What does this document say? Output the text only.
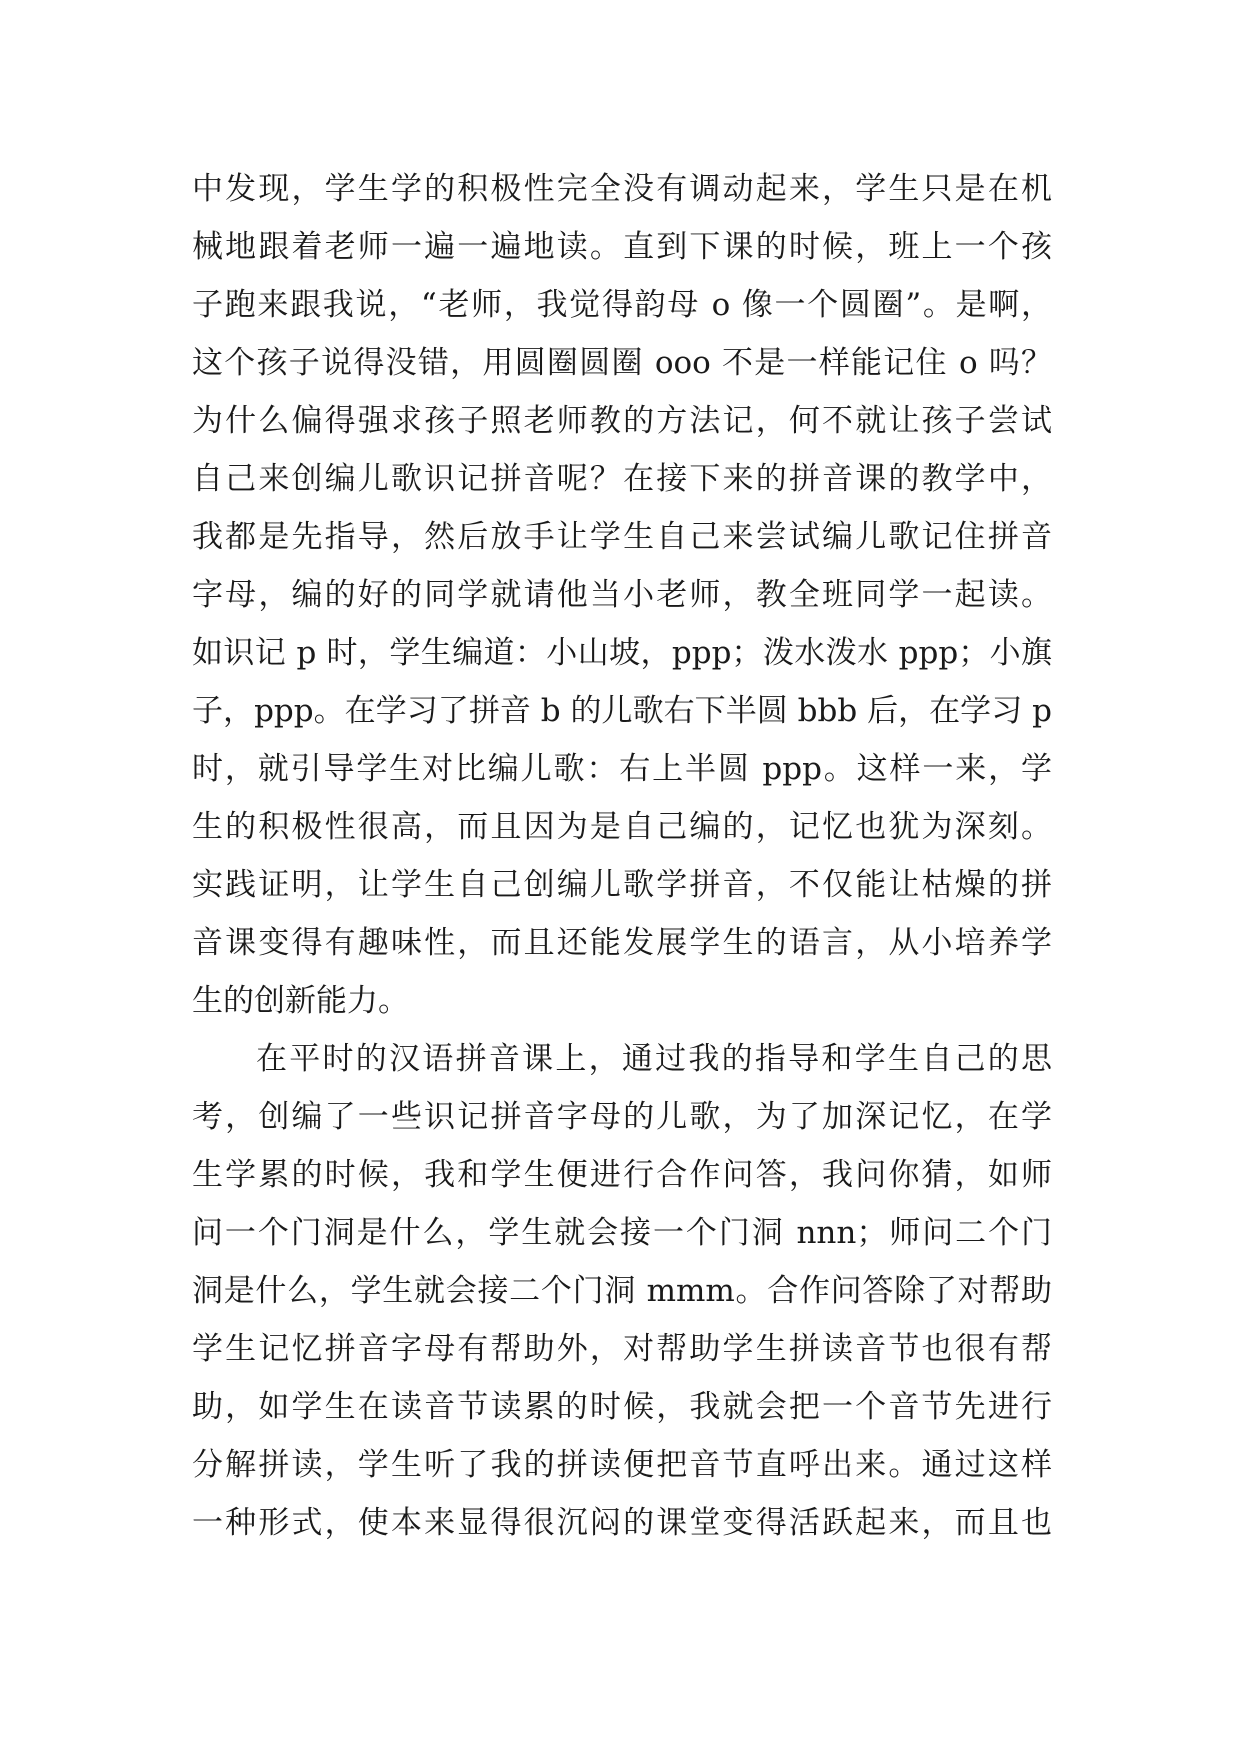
中发现，学生学的积极性完全没有调动起来，学生只是在机
械地跟着老师一遍一遍地读。直到下课的时候，班上一个孩
子跑来跟我说，“老师，我觉得韵母 o 像一个圆圈”。是啊，
这个孩子说得没错，用圆圈圆圈 ooo 不是一样能记住 o 吗？
为什么偏得强求孩子照老师教的方法记，何不就让孩子尝试
自己来创编儿歌识记拼音呢？在接下来的拼音课的教学中，
我都是先指导，然后放手让学生自己来尝试编儿歌记住拼音
字母，编的好的同学就请他当小老师，教全班同学一起读。
如识记 p 时，学生编道：小山坡，ppp；泼水泼水 ppp；小旗
子，ppp。在学习了拼音 b 的儿歌右下半圆 bbb 后，在学习 p
时，就引导学生对比编儿歌：右上半圆 ppp。这样一来，学
生的积极性很高，而且因为是自己编的，记忆也犹为深刻。
实践证明，让学生自己创编儿歌学拼音，不仅能让枯燥的拼
音课变得有趣味性，而且还能发展学生的语言，从小培养学
生的创新能力。
在平时的汉语拼音课上，通过我的指导和学生自己的思
考，创编了一些识记拼音字母的儿歌，为了加深记忆，在学
生学累的时候，我和学生便进行合作问答，我问你猜，如师
问一个门洞是什么，学生就会接一个门洞 nnn；师问二个门
洞是什么，学生就会接二个门洞 mmm。合作问答除了对帮助
学生记忆拼音字母有帮助外，对帮助学生拼读音节也很有帮
助，如学生在读音节读累的时候，我就会把一个音节先进行
分解拼读，学生听了我的拼读便把音节直呼出来。通过这样
一种形式，使本来显得很沉闷的课堂变得活跃起来，而且也
